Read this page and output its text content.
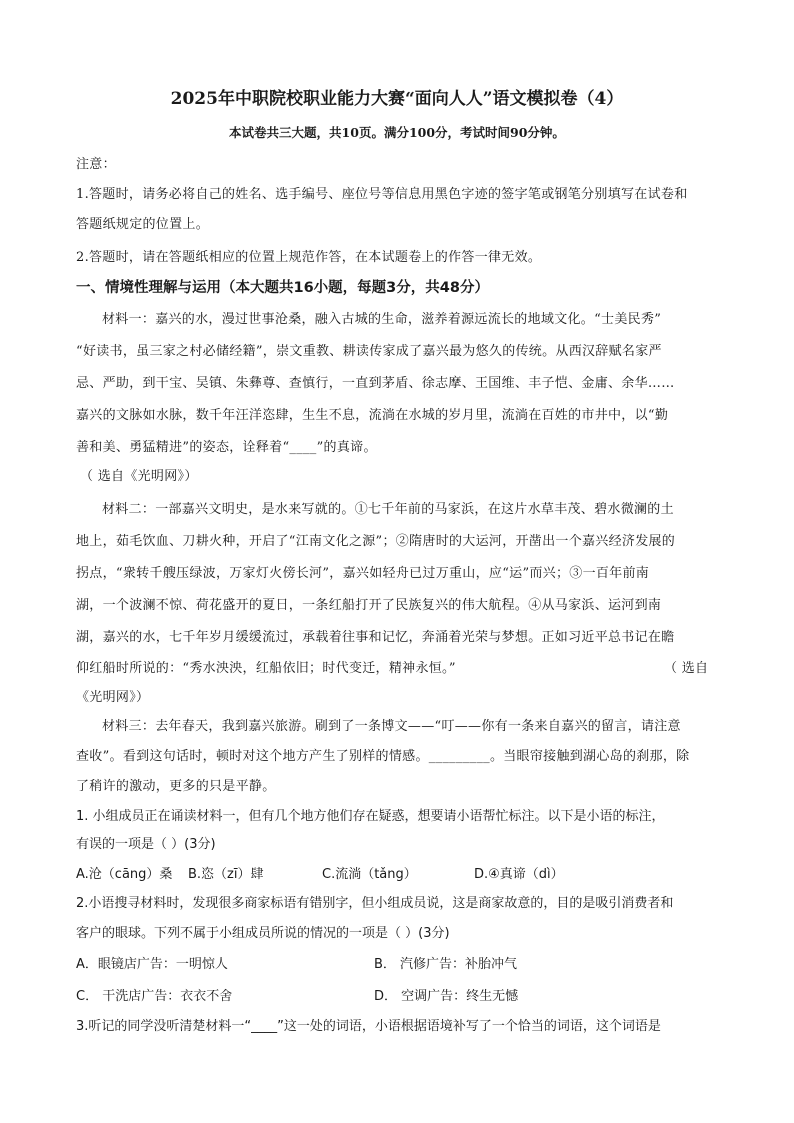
2025年中职院校职业能力大赛“面向人人”语文模拟卷（4）
本试卷共三大题，共10页。满分100分，考试时间90分钟。
注意：
1.答题时，请务必将自己的姓名、选手编号、座位号等信息用黑色字迹的签字笔或钢笔分别填写在试卷和
答题纸规定的位置上。
2.答题时，请在答题纸相应的位置上规范作答，在本试题卷上的作答一律无效。
一、情境性理解与运用（本大题共16小题，每题3分，共48分）
材料一：嘉兴的水，漫过世事沧桑，融入古城的生命，滋养着源远流长的地域文化。“士美民秀”
“好读书，虽三家之村必储经籍”，崇文重教、耕读传家成了嘉兴最为悠久的传统。从西汉辞赋名家严
忌、严助，到干宝、吴镇、朱彝尊、查慎行，一直到茅盾、徐志摩、王国维、丰子恺、金庸、余华……
嘉兴的文脉如水脉，数千年汪洋恣肆，生生不息，流淌在水城的岁月里，流淌在百姓的市井中，以“勤
善和美、勇猛精进”的姿态，诠释着“____”的真谛。
（ 选自《光明网》）
材料二：一部嘉兴文明史，是水来写就的。①七千年前的马家浜，在这片水草丰茂、碧水微澜的土
地上，茹毛饮血、刀耕火种，开启了“江南文化之源”；②隋唐时的大运河，开凿出一个嘉兴经济发展的
拐点，“衆转千艘压绿波，万家灯火傍长河”，嘉兴如轻舟已过万重山，应“运”而兴；③一百年前南
湖，一个波澜不惊、荷花盛开的夏日，一条红船打开了民族复兴的伟大航程。④从马家浜、运河到南
湖，嘉兴的水，七千年岁月缓缓流过，承载着往事和记忆，奔涌着光荣与梦想。正如习近平总书记在瞻
仰红船时所说的：“秀水泱泱，红船依旧；时代变迁，精神永恒。”	（ 选自
《光明网》）
材料三：去年春天，我到嘉兴旅游。刷到了一条博文——“叮——你有一条来自嘉兴的留言，请注意
查收”。看到这句话时，顿时对这个地方产生了别样的情感。_________。当眼帘接触到湖心岛的刹那，除
了稍许的激动，更多的只是平静。
1. 小组成员正在诵读材料一，但有几个地方他们存在疑惑，想要请小语帮忙标注。以下是小语的标注，
有误的一项是（ ）(3分)
A.沧（cāng）桑 B.恣（zī）肆	C.流淌（tǎng）	D.④真谛（dì）
2.小语搜寻材料时，发现很多商家标语有错别字，但小组成员说，这是商家故意的，目的是吸引消费者和
客户的眼球。下列不属于小组成员所说的情况的一项是（ ）(3分)
A．眼镜店广告：一明惊人	B． 汽修广告：补胎冲气
C． 干洗店广告：衣衣不舍	D． 空调广告：终生无憾
3.听记的同学没听清楚材料一“____”这一处的词语，小语根据语境补写了一个恰当的词语，这个词语是
